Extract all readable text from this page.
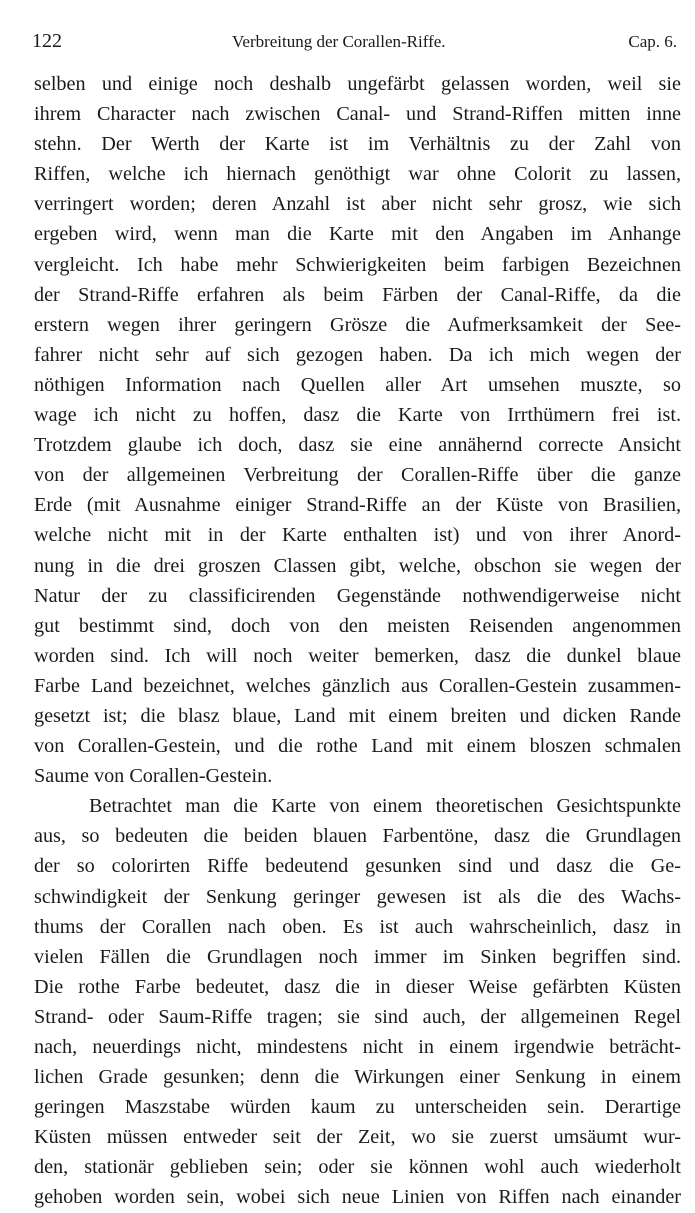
122	Verbreitung der Corallen-Riffe.	Cap. 6.
selben und einige noch deshalb ungefärbt gelassen worden, weil sie
ihrem Character nach zwischen Canal- und Strand-Riffen mitten inne
stehn. Der Werth der Karte ist im Verhältnis zu der Zahl von
Riffen, welche ich hiernach genöthigt war ohne Colorit zu lassen,
verringert worden; deren Anzahl ist aber nicht sehr grosz, wie sich
ergeben wird, wenn man die Karte mit den Angaben im Anhange
vergleicht. Ich habe mehr Schwierigkeiten beim farbigen Bezeichnen
der Strand-Riffe erfahren als beim Färben der Canal-Riffe, da die
erstern wegen ihrer geringern Grösze die Aufmerksamkeit der See-
fahrer nicht sehr auf sich gezogen haben. Da ich mich wegen der
nöthigen Information nach Quellen aller Art umsehen muszte, so
wage ich nicht zu hoffen, dasz die Karte von Irrthümern frei ist.
Trotzdem glaube ich doch, dasz sie eine annähernd correcte Ansicht
von der allgemeinen Verbreitung der Corallen-Riffe über die ganze
Erde (mit Ausnahme einiger Strand-Riffe an der Küste von Brasilien,
welche nicht mit in der Karte enthalten ist) und von ihrer Anord-
nung in die drei groszen Classen gibt, welche, obschon sie wegen der
Natur der zu classificirenden Gegenstände nothwendigerweise nicht
gut bestimmt sind, doch von den meisten Reisenden angenommen
worden sind. Ich will noch weiter bemerken, dasz die dunkel blaue
Farbe Land bezeichnet, welches gänzlich aus Corallen-Gestein zusammen-
gesetzt ist; die blasz blaue, Land mit einem breiten und dicken Rande
von Corallen-Gestein, und die rothe Land mit einem bloszen schmalen
Saume von Corallen-Gestein.
Betrachtet man die Karte von einem theoretischen Gesichtspunkte
aus, so bedeuten die beiden blauen Farbentöne, dasz die Grundlagen
der so colorirten Riffe bedeutend gesunken sind und dasz die Ge-
schwindigkeit der Senkung geringer gewesen ist als die des Wachs-
thums der Corallen nach oben. Es ist auch wahrscheinlich, dasz in
vielen Fällen die Grundlagen noch immer im Sinken begriffen sind.
Die rothe Farbe bedeutet, dasz die in dieser Weise gefärbten Küsten
Strand- oder Saum-Riffe tragen; sie sind auch, der allgemeinen Regel
nach, neuerdings nicht, mindestens nicht in einem irgendwie beträcht-
lichen Grade gesunken; denn die Wirkungen einer Senkung in einem
geringen Maszstabe würden kaum zu unterscheiden sein. Derartige
Küsten müssen entweder seit der Zeit, wo sie zuerst umsäumt wur-
den, stationär geblieben sein; oder sie können wohl auch wiederholt
gehoben worden sein, wobei sich neue Linien von Riffen nach einander
